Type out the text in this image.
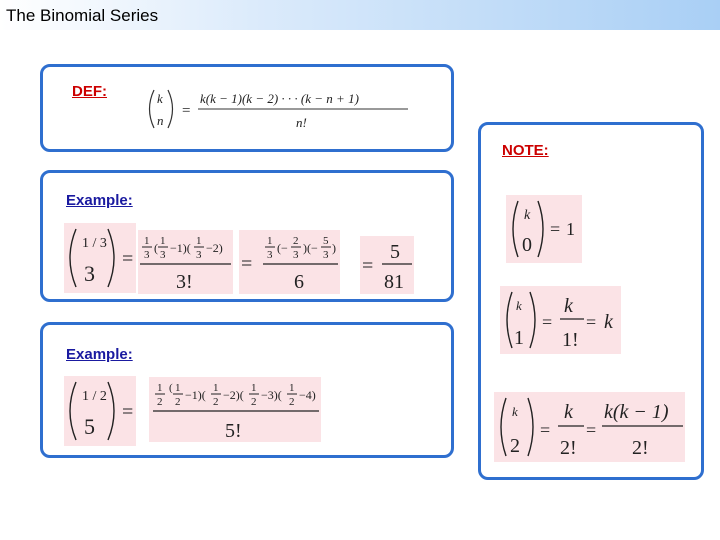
The Binomial Series
DEF:	k
n
=
k(k − 1)(k − 2) · · · (k − n + 1)
n!
Example:
1 / 3
3
=
1
3 ( 1
3 −1)( 1
3 −2)
3!
=
1
3 (− 2
3 )(− 5
3 )
6
=
5
81
Example:
1 / 2
5
=
1
2
( 1
2 −1)( 1
2 −2)( 1
2 −3)( 1
2 −4)
5!
NOTE:
k
0
= 1
k
1
=
k
1!
= k
k
2
=
k
2!
=
k(k − 1)
2!
